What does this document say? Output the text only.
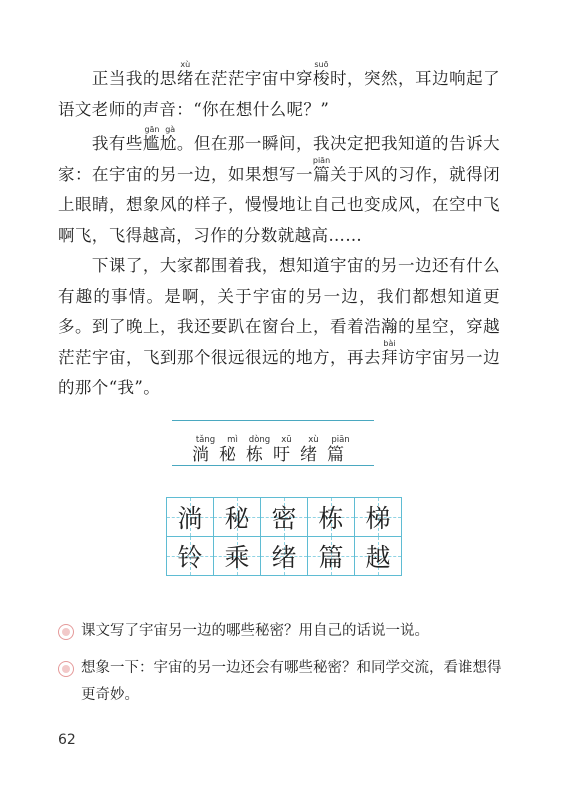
正当我的思绪xù在茫茫宇宙中穿梭suō时，突然，耳边响起了语文老师的声音：“你在想什么呢？”

我有些尴尬gān gà。但在那一瞬间，我决定把我知道的告诉大家：在宇宙的另一边，如果想写一篇piān关于风的习作，就得闭上眼睛，想象风的样子，慢慢地让自己也变成风，在空中飞啊飞，飞得越高，习作的分数就越高……

下课了，大家都围着我，想知道宇宙的另一边还有什么有趣的事情。是啊，关于宇宙的另一边，我们都想知道更多。到了晚上，我还要趴在窗台上，看着浩瀚的星空，穿越茫茫宇宙，飞到那个很远很远的地方，再去拜bài访宇宙另一边的那个“我”。

淌tǎng秘mì栋dòng吁xū绪xù篇piān
淌	秘	密	栋	梯
铃	乘	绪	篇	越
课文写了宇宙另一边的哪些秘密？用自己的话说一说。
想象一下：宇宙的另一边还会有哪些秘密？和同学交流，看谁想得更奇妙。
62
